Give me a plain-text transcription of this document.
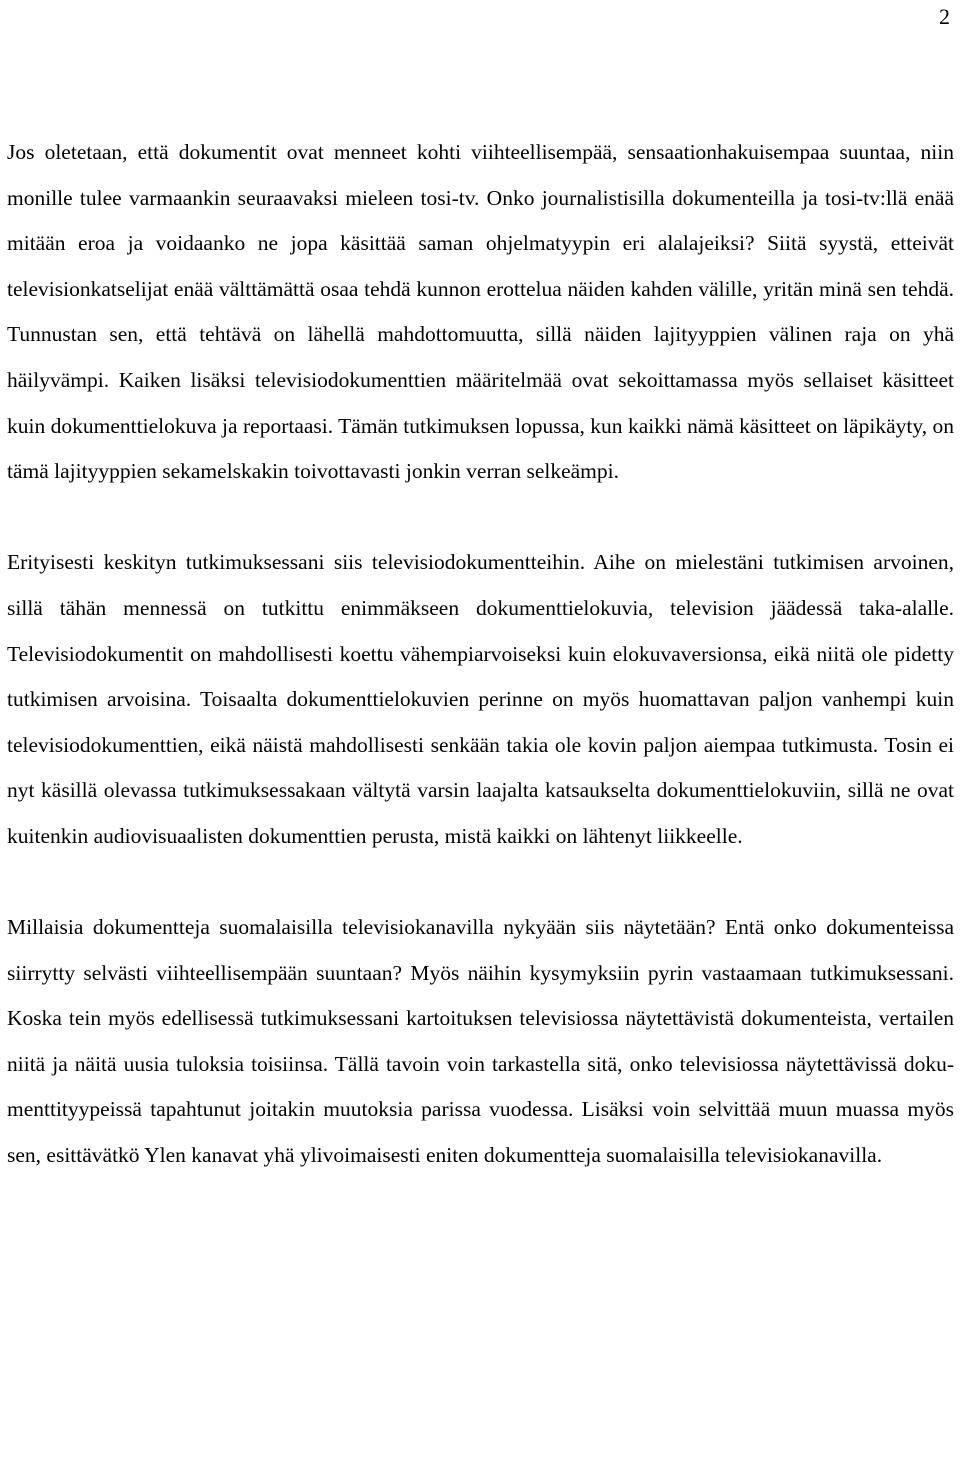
2

Jos oletetaan, että dokumentit ovat menneet kohti viihteellisempää, sensaationhakuisempaa suuntaa, niin monille tulee varmaankin seuraavaksi mieleen tosi-tv. Onko journalistisilla dokumenteilla ja tosi-tv:llä enää mitään eroa ja voidaanko ne jopa käsittää saman ohjelmatyypin eri alalajeiksi? Siitä syystä, etteivät televisionkatselijat enää välttämättä osaa tehdä kunnon erottelua näiden kahden välille, yritän minä sen tehdä. Tunnustan sen, että tehtävä on lähellä mahdottomuutta, sillä näiden lajityyppien välinen raja on yhä häilyvämpi. Kaiken lisäksi televisiodokumenttien määritelmää ovat sekoittamassa myös sellaiset käsitteet kuin dokumenttielokuva ja reportaasi. Tämän tutkimuksen lopussa, kun kaikki nämä käsitteet on läpikäyty, on tämä lajityyppien sekamelskakin toivottavasti jonkin verran selkeämpi.

Erityisesti keskityn tutkimuksessani siis televisiodokumentteihin. Aihe on mielestäni tutkimisen arvoinen, sillä tähän mennessä on tutkittu enimmäkseen dokumenttielokuvia, television jäädessä taka-alalle. Televisiodokumentit on mahdollisesti koettu vähempiarvoiseksi kuin elokuvaversionsa, eikä niitä ole pidetty tutkimisen arvoisina. Toisaalta dokumenttielokuvien perinne on myös huomattavan paljon vanhempi kuin televisiodokumenttien, eikä näistä mahdollisesti senkään takia ole kovin paljon aiempaa tutkimusta. Tosin ei nyt käsillä olevassa tutkimuksessakaan vältytä varsin laajalta katsaukselta dokumenttielokuviin, sillä ne ovat kuitenkin audiovisuaalisten dokumenttien perusta, mistä kaikki on lähtenyt liikkeelle.

Millaisia dokumentteja suomalaisilla televisiokanavilla nykyään siis näytetään? Entä onko dokumenteissa siirrytty selvästi viihteellisempään suuntaan? Myös näihin kysymyksiin pyrin vastaamaan tutkimuksessani. Koska tein myös edellisessä tutkimuksessani kartoituksen televisiossa näytettävistä dokumenteista, vertailen niitä ja näitä uusia tuloksia toisiinsa. Tällä tavoin voin tarkastella sitä, onko televisiossa näytettävissä dokumenttityypeissä tapahtunut joitakin muutoksia parissa vuodessa. Lisäksi voin selvittää muun muassa myös sen, esittävätkö Ylen kanavat yhä ylivoimaisesti eniten dokumentteja suomalaisilla televisiokanavilla.
